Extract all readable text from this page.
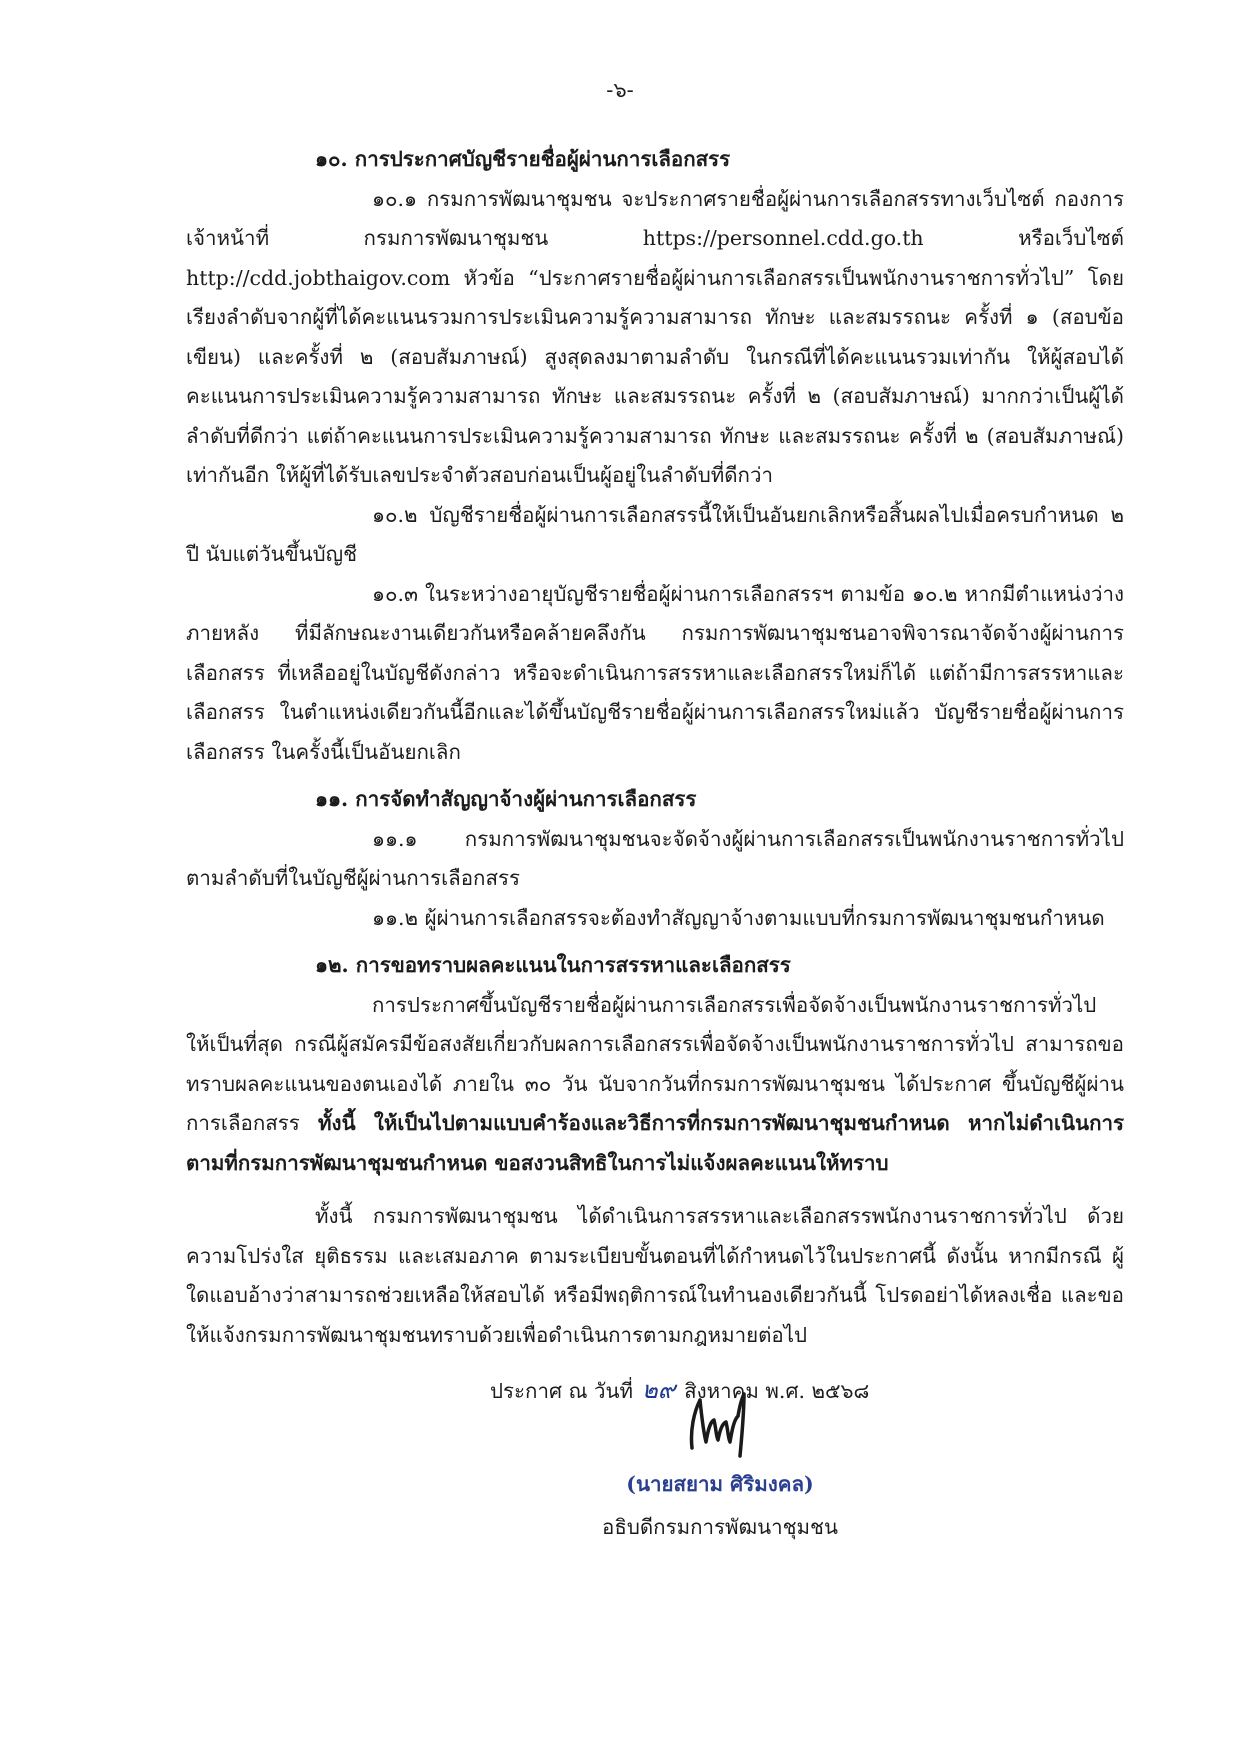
-๖-

๑๐. การประกาศบัญชีรายชื่อผู้ผ่านการเลือกสรร

๑๐.๑ กรมการพัฒนาชุมชน จะประกาศรายชื่อผู้ผ่านการเลือกสรรทางเว็บไซต์ กองการเจ้าหน้าที่ กรมการพัฒนาชุมชน https://personnel.cdd.go.th หรือเว็บไซต์ http://cdd.jobthaigov.com หัวข้อ “ประกาศรายชื่อผู้ผ่านการเลือกสรรเป็นพนักงานราชการทั่วไป” โดยเรียงลำดับจากผู้ที่ได้คะแนนรวมการประเมินความรู้ความสามารถ ทักษะ และสมรรถนะ ครั้งที่ ๑ (สอบข้อเขียน) และครั้งที่ ๒ (สอบสัมภาษณ์) สูงสุดลงมาตามลำดับ ในกรณีที่ได้คะแนนรวมเท่ากัน ให้ผู้สอบได้คะแนนการประเมินความรู้ความสามารถ ทักษะ และสมรรถนะ ครั้งที่ ๒ (สอบสัมภาษณ์) มากกว่าเป็นผู้ได้ลำดับที่ดีกว่า แต่ถ้าคะแนนการประเมินความรู้ความสามารถ ทักษะ และสมรรถนะ ครั้งที่ ๒ (สอบสัมภาษณ์) เท่ากันอีก ให้ผู้ที่ได้รับเลขประจำตัวสอบก่อนเป็นผู้อยู่ในลำดับที่ดีกว่า

๑๐.๒ บัญชีรายชื่อผู้ผ่านการเลือกสรรนี้ให้เป็นอันยกเลิกหรือสิ้นผลไปเมื่อครบกำหนด ๒ ปี นับแต่วันขึ้นบัญชี

๑๐.๓ ในระหว่างอายุบัญชีรายชื่อผู้ผ่านการเลือกสรรฯ ตามข้อ ๑๐.๒ หากมีตำแหน่งว่างภายหลัง ที่มีลักษณะงานเดียวกันหรือคล้ายคลึงกัน กรมการพัฒนาชุมชนอาจพิจารณาจัดจ้างผู้ผ่านการเลือกสรร ที่เหลืออยู่ในบัญชีดังกล่าว หรือจะดำเนินการสรรหาและเลือกสรรใหม่ก็ได้ แต่ถ้ามีการสรรหาและเลือกสรร ในตำแหน่งเดียวกันนี้อีกและได้ขึ้นบัญชีรายชื่อผู้ผ่านการเลือกสรรใหม่แล้ว บัญชีรายชื่อผู้ผ่านการเลือกสรร ในครั้งนี้เป็นอันยกเลิก

๑๑. การจัดทำสัญญาจ้างผู้ผ่านการเลือกสรร

๑๑.๑ กรมการพัฒนาชุมชนจะจัดจ้างผู้ผ่านการเลือกสรรเป็นพนักงานราชการทั่วไป ตามลำดับที่ในบัญชีผู้ผ่านการเลือกสรร

๑๑.๒ ผู้ผ่านการเลือกสรรจะต้องทำสัญญาจ้างตามแบบที่กรมการพัฒนาชุมชนกำหนด

๑๒. การขอทราบผลคะแนนในการสรรหาและเลือกสรร

การประกาศขึ้นบัญชีรายชื่อผู้ผ่านการเลือกสรรเพื่อจัดจ้างเป็นพนักงานราชการทั่วไป ให้เป็นที่สุด กรณีผู้สมัครมีข้อสงสัยเกี่ยวกับผลการเลือกสรรเพื่อจัดจ้างเป็นพนักงานราชการทั่วไป สามารถขอทราบผลคะแนนของตนเองได้ ภายใน ๓๐ วัน นับจากวันที่กรมการพัฒนาชุมชน ได้ประกาศ ขึ้นบัญชีผู้ผ่านการเลือกสรร ทั้งนี้ ให้เป็นไปตามแบบคำร้องและวิธีการที่กรมการพัฒนาชุมชนกำหนด หากไม่ดำเนินการตามที่กรมการพัฒนาชุมชนกำหนด ขอสงวนสิทธิในการไม่แจ้งผลคะแนนให้ทราบ

ทั้งนี้ กรมการพัฒนาชุมชน ได้ดำเนินการสรรหาและเลือกสรรพนักงานราชการทั่วไป ด้วยความโปร่งใส ยุติธรรม และเสมอภาค ตามระเบียบขั้นตอนที่ได้กำหนดไว้ในประกาศนี้ ดังนั้น หากมีกรณี ผู้ใดแอบอ้างว่าสามารถช่วยเหลือให้สอบได้ หรือมีพฤติการณ์ในทำนองเดียวกันนี้ โปรดอย่าได้หลงเชื่อ และขอให้แจ้งกรมการพัฒนาชุมชนทราบด้วยเพื่อดำเนินการตามกฎหมายต่อไป

ประกาศ ณ วันที่ ๒๙ สิงหาคม พ.ศ. ๒๕๖๘

(นายสยาม ศิริมงคล)
อธิบดีกรมการพัฒนาชุมชน
